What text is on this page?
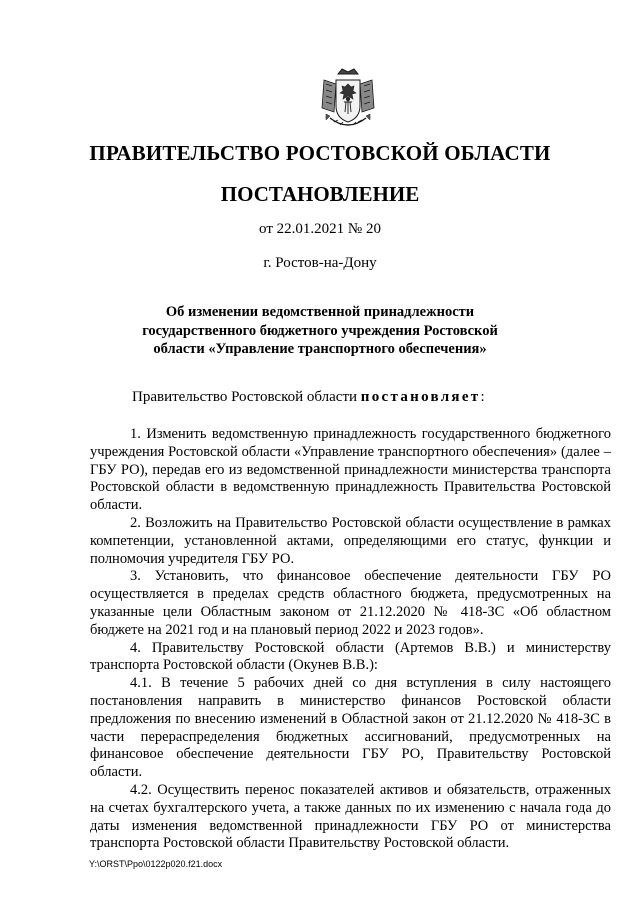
ПРАВИТЕЛЬСТВО РОСТОВСКОЙ ОБЛАСТИ
ПОСТАНОВЛЕНИЕ
от 22.01.2021 № 20
г. Ростов-на-Дону
Об изменении ведомственной принадлежности
государственного бюджетного учреждения Ростовской
области «Управление транспортного обеспечения»
Правительство Ростовской области постановляет:

1. Изменить ведомственную принадлежность государственного бюджетного учреждения Ростовской области «Управление транспортного обеспечения» (далее – ГБУ РО), передав его из ведомственной принадлежности министерства транспорта Ростовской области в ведомственную принадлежность Правительства Ростовской области.

2. Возложить на Правительство Ростовской области осуществление в рамках компетенции, установленной актами, определяющими его статус, функции и полномочия учредителя ГБУ РО.

3. Установить, что финансовое обеспечение деятельности ГБУ РО осуществляется в пределах средств областного бюджета, предусмотренных на указанные цели Областным законом от 21.12.2020 № 418-ЗС «Об областном бюджете на 2021 год и на плановый период 2022 и 2023 годов».

4. Правительству Ростовской области (Артемов В.В.) и министерству транспорта Ростовской области (Окунев В.В.):

4.1. В течение 5 рабочих дней со дня вступления в силу настоящего постановления направить в министерство финансов Ростовской области предложения по внесению изменений в Областной закон от 21.12.2020 № 418-ЗС в части перераспределения бюджетных ассигнований, предусмотренных на финансовое обеспечение деятельности ГБУ РО, Правительству Ростовской области.

4.2. Осуществить перенос показателей активов и обязательств, отраженных на счетах бухгалтерского учета, а также данных по их изменению с начала года до даты изменения ведомственной принадлежности ГБУ РО от министерства транспорта Ростовской области Правительству Ростовской области.

Y:\ORST\Ppo\0122p020.f21.docx
